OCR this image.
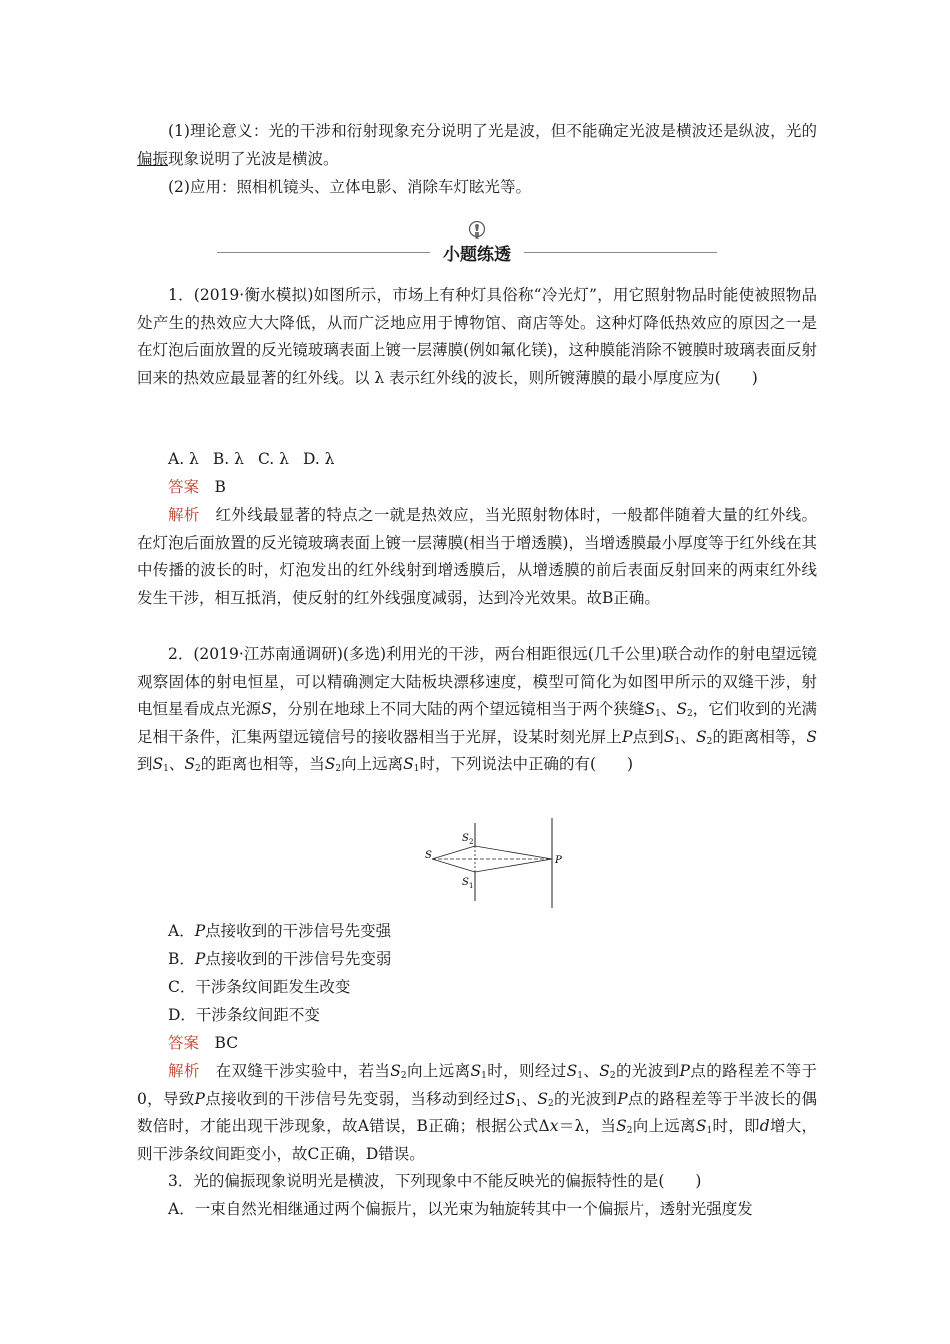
(1)理论意义：光的干涉和衍射现象充分说明了光是波，但不能确定光波是横波还是纵波，光的偏振现象说明了光波是横波。

(2)应用：照相机镜头、立体电影、消除车灯眩光等。

小题练透

1．(2019·衡水模拟)如图所示，市场上有种灯具俗称“冷光灯”，用它照射物品时能使被照物品处产生的热效应大大降低，从而广泛地应用于博物馆、商店等处。这种灯降低热效应的原因之一是在灯泡后面放置的反光镜玻璃表面上镀一层薄膜(例如氟化镁)，这种膜能消除不镀膜时玻璃表面反射回来的热效应最显著的红外线。以 λ 表示红外线的波长，则所镀薄膜的最小厚度应为(　　)

A. λ B. λ C. λ D. λ

答案　 B

解析　 红外线最显著的特点之一就是热效应，当光照射物体时，一般都伴随着大量的红外线。在灯泡后面放置的反光镜玻璃表面上镀一层薄膜(相当于增透膜)，当增透膜最小厚度等于红外线在其中传播的波长的时，灯泡发出的红外线射到增透膜后，从增透膜的前后表面反射回来的两束红外线发生干涉，相互抵消，使反射的红外线强度减弱，达到冷光效果。故B正确。

2．(2019·江苏南通调研)(多选)利用光的干涉，两台相距很远(几千公里)联合动作的射电望远镜观察固体的射电恒星，可以精确测定大陆板块漂移速度，模型可简化为如图甲所示的双缝干涉，射电恒星看成点光源S，分别在地球上不同大陆的两个望远镜相当于两个狭缝$S_1$、$S_2$，它们收到的光满足相干条件，汇集两望远镜信号的接收器相当于光屏，设某时刻光屏上P点到$S_1$、$S_2$的距离相等，S到$S_1$、$S_2$的距离也相等，当$S_2$向上远离$S_1$时，下列说法中正确的有(　　)

S
S 2
S 1
P

A．P点接收到的干涉信号先变强

B．P点接收到的干涉信号先变弱

C．干涉条纹间距发生改变

D．干涉条纹间距不变

答案　 BC

解析　 在双缝干涉实验中，若当$S_2$向上远离$S_1$时，则经过$S_1$、$S_2$的光波到P点的路程差不等于0，导致P点接收到的干涉信号先变弱，当移动到经过$S_1$、$S_2$的光波到P点的路程差等于半波长的偶数倍时，才能出现干涉现象，故A错误，B正确；根据公式Δx＝λ，当$S_2$向上远离$S_1$时，即d增大，则干涉条纹间距变小，故C正确，D错误。

3．光的偏振现象说明光是横波，下列现象中不能反映光的偏振特性的是(　　)

A．一束自然光相继通过两个偏振片，以光束为轴旋转其中一个偏振片，透射光强度发
